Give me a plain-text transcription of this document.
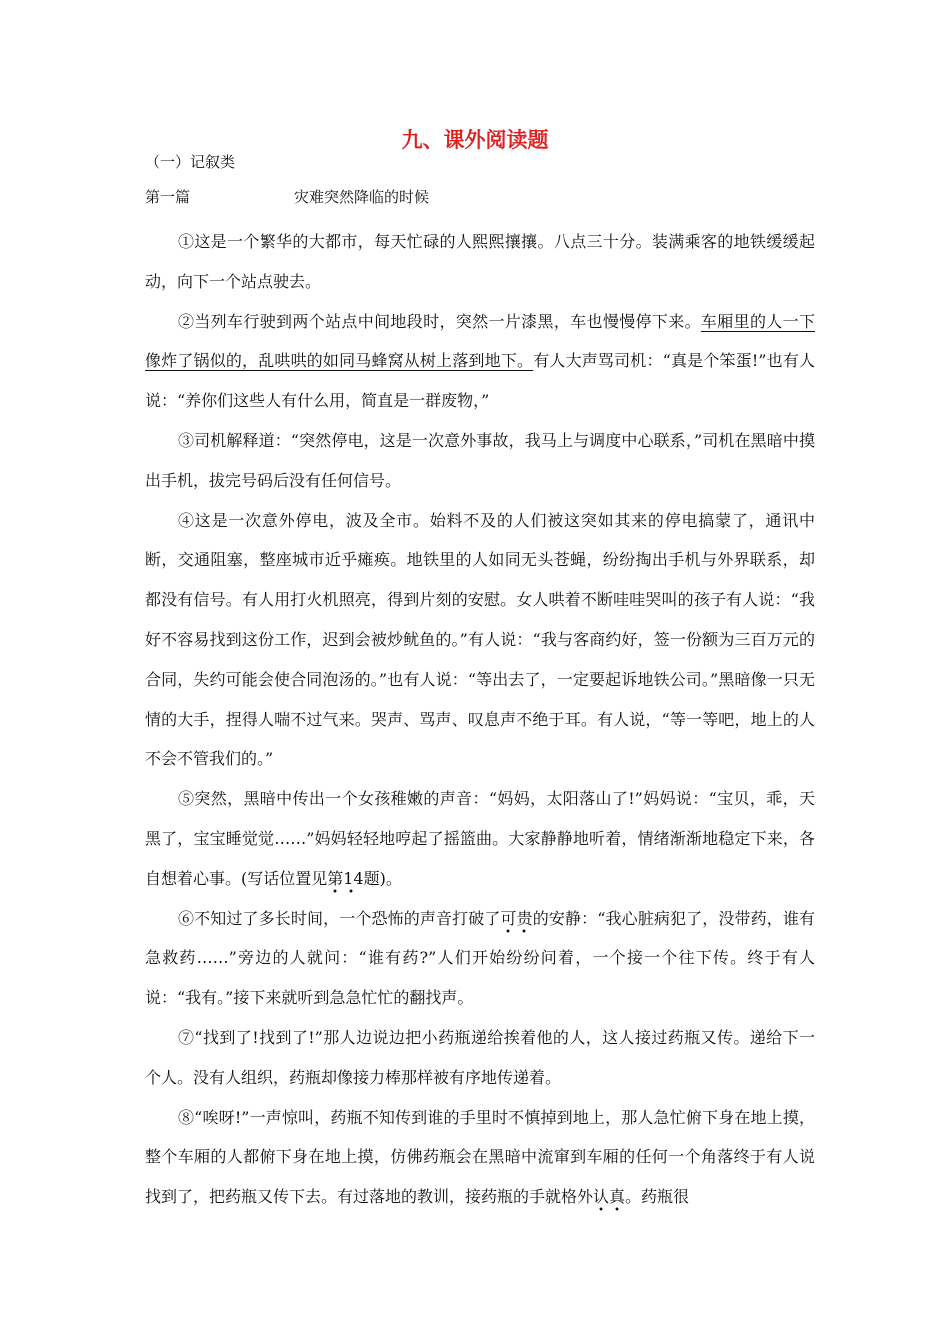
九、课外阅读题
（一）记叙类
第一篇	灾难突然降临的时候

①这是一个繁华的大都市，每天忙碌的人熙熙攘攘。八点三十分。装满乘客的地铁缓缓起动，向下一个站点驶去。

②当列车行驶到两个站点中间地段时，突然一片漆黑，车也慢慢停下来。车厢里的人一下像炸了锅似的，乱哄哄的如同马蜂窝从树上落到地下。有人大声骂司机：“真是个笨蛋!”也有人说：“养你们这些人有什么用，简直是一群废物，”

③司机解释道：“突然停电，这是一次意外事故，我马上与调度中心联系，”司机在黑暗中摸出手机，拔完号码后没有任何信号。

④这是一次意外停电，波及全市。始料不及的人们被这突如其来的停电搞蒙了，通讯中断，交通阻塞，整座城市近乎瘫痪。地铁里的人如同无头苍蝇，纷纷掏出手机与外界联系，却都没有信号。有人用打火机照亮，得到片刻的安慰。女人哄着不断哇哇哭叫的孩子有人说：“我好不容易找到这份工作，迟到会被炒鱿鱼的。”有人说：“我与客商约好，签一份额为三百万元的合同，失约可能会使合同泡汤的。”也有人说：“等出去了，一定要起诉地铁公司。”黑暗像一只无情的大手，捏得人喘不过气来。哭声、骂声、叹息声不绝于耳。有人说，“等一等吧，地上的人不会不管我们的。”

⑤突然，黑暗中传出一个女孩稚嫩的声音：“妈妈，太阳落山了!”妈妈说：“宝贝，乖，天黑了，宝宝睡觉觉……”妈妈轻轻地哼起了摇篮曲。大家静静地听着，情绪渐渐地稳定下来，各自想着心事。(写话位置见第14题)。

⑥不知过了多长时间，一个恐怖的声音打破了可贵的安静：“我心脏病犯了，没带药，谁有急救药……”旁边的人就问：“谁有药?”人们开始纷纷问着，一个接一个往下传。终于有人说：“我有。”接下来就听到急急忙忙的翻找声。

⑦“找到了!找到了!”那人边说边把小药瓶递给挨着他的人，这人接过药瓶又传。递给下一个人。没有人组织，药瓶却像接力棒那样被有序地传递着。

⑧“唉呀!”一声惊叫，药瓶不知传到谁的手里时不慎掉到地上，那人急忙俯下身在地上摸，整个车厢的人都俯下身在地上摸，仿佛药瓶会在黑暗中流窜到车厢的任何一个角落终于有人说找到了，把药瓶又传下去。有过落地的教训，接药瓶的手就格外认真。药瓶很
